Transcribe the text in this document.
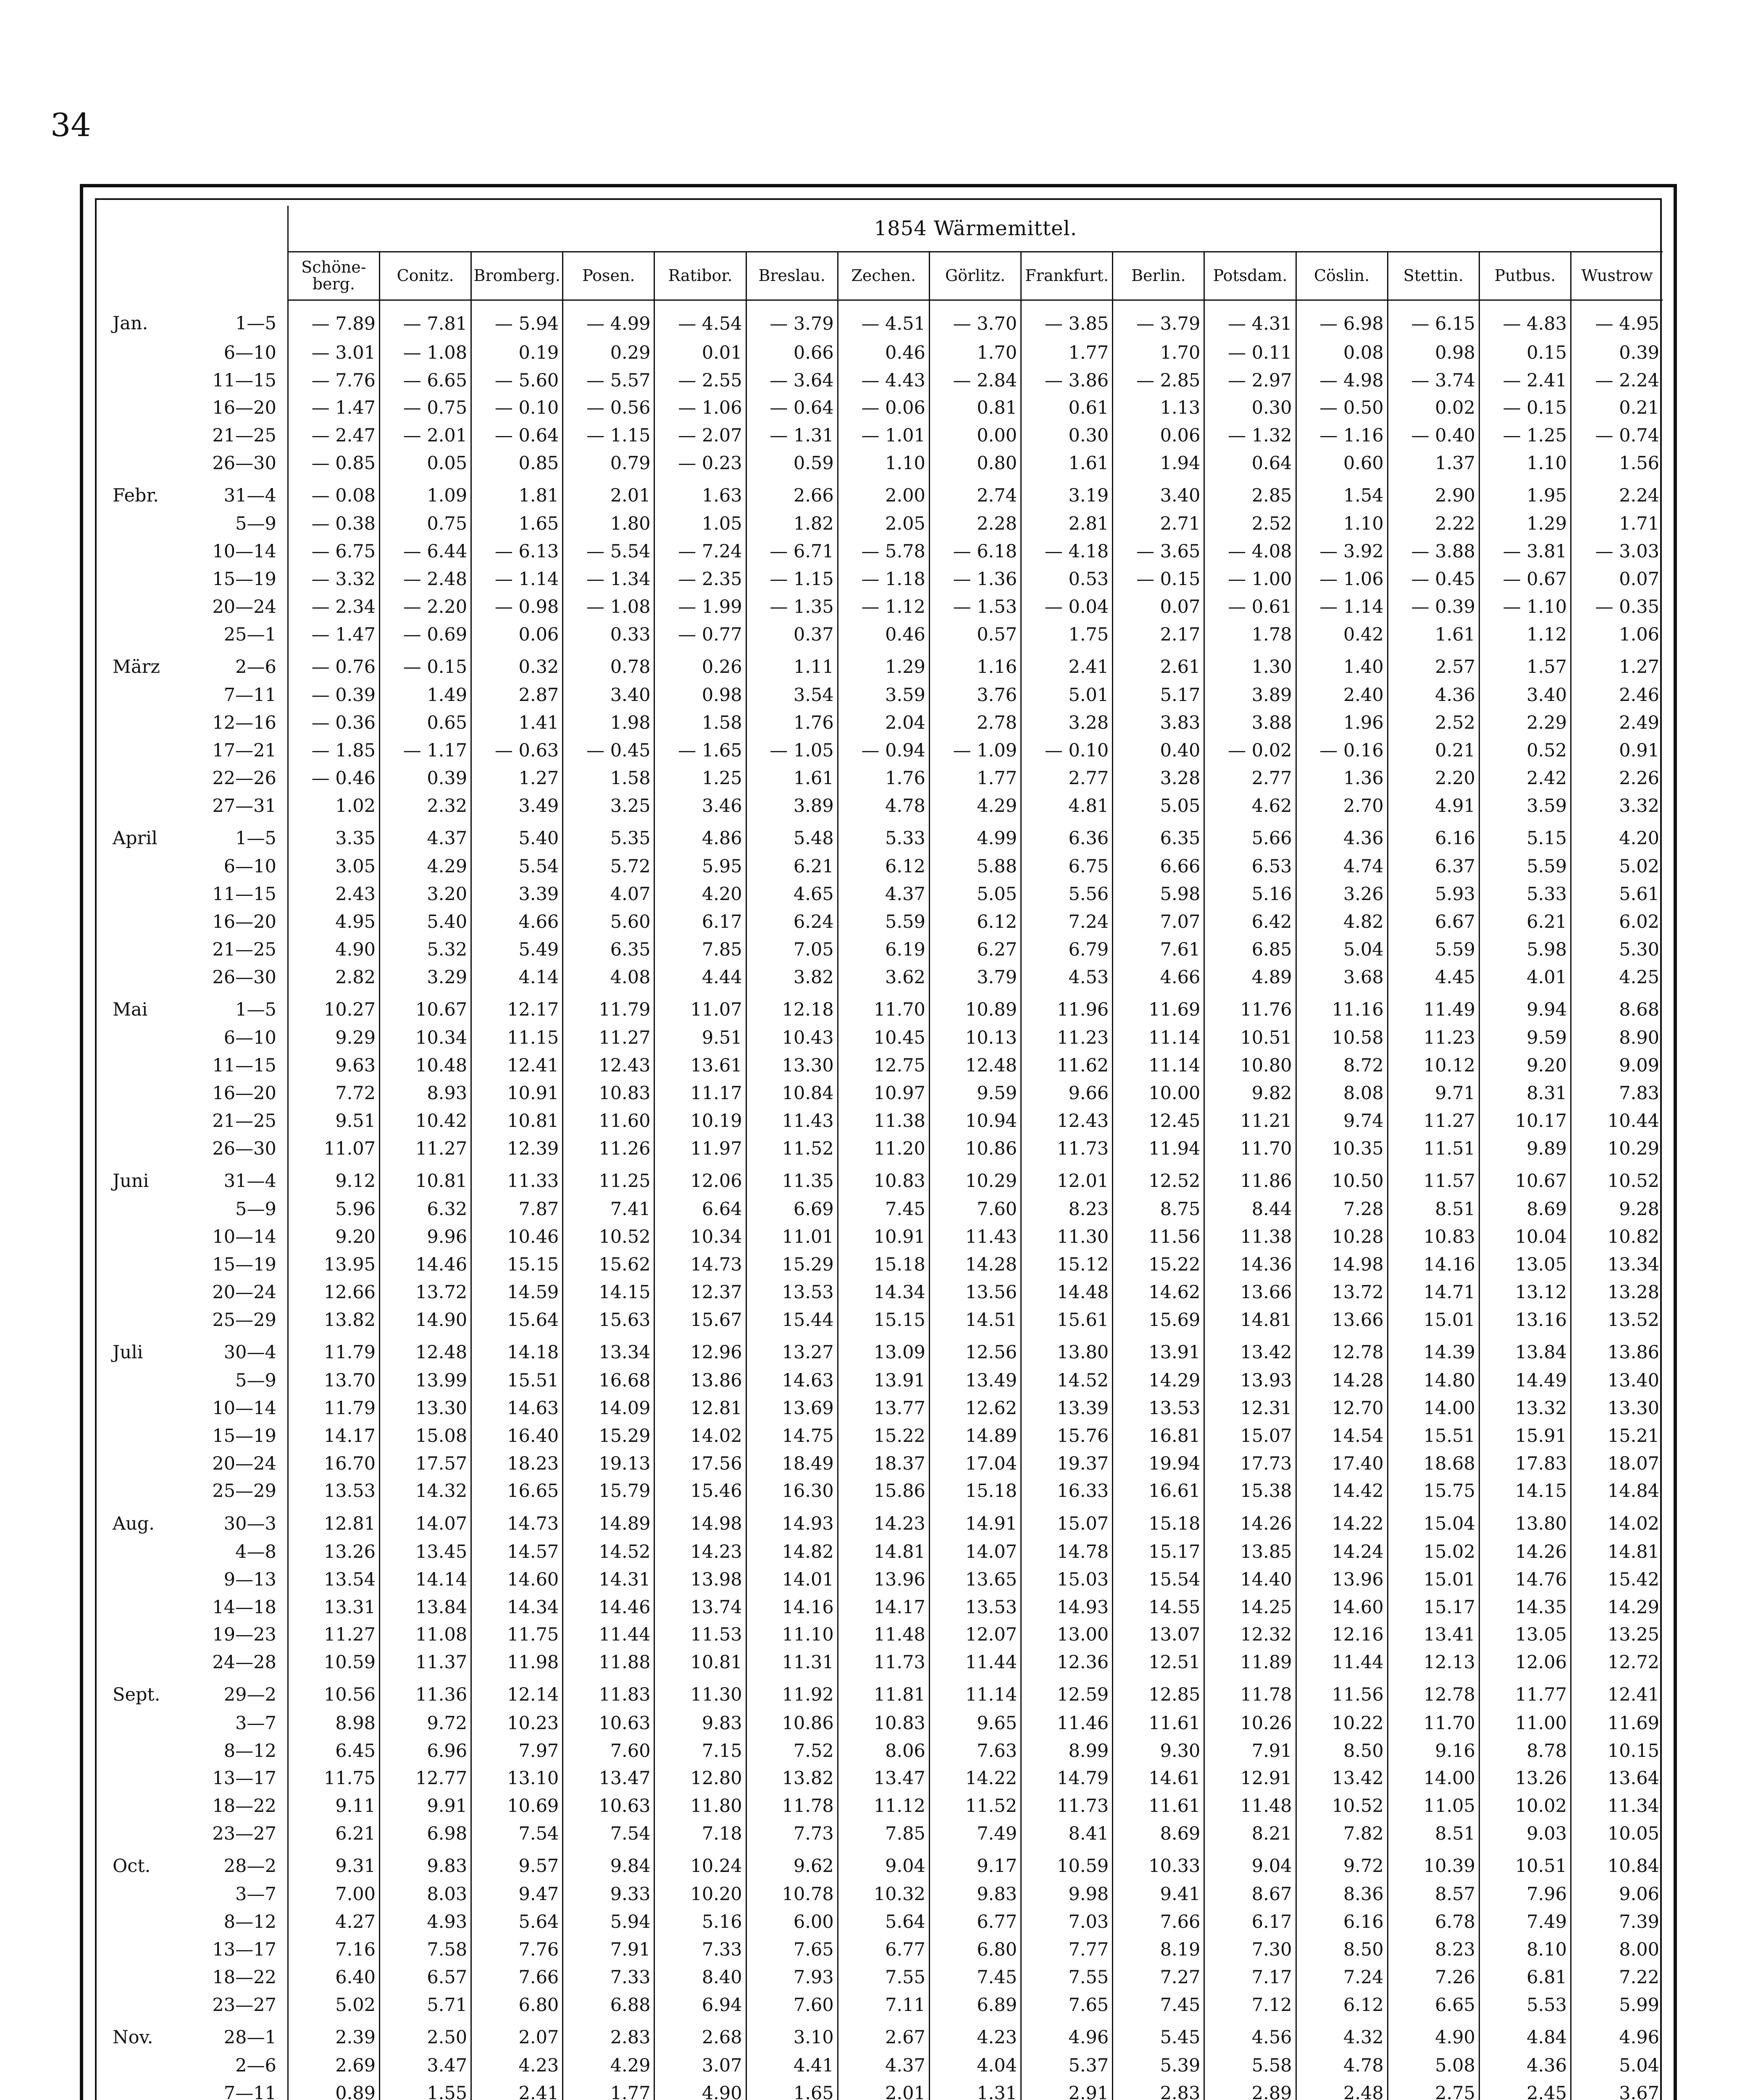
34
	1854 Wärmemittel.														
	Schöne-berg.	Conitz.	Bromberg.	Posen.	Ratibor.	Breslau.	Zechen.	Görlitz.	Frankfurt.	Berlin.	Potsdam.	Cöslin.	Stettin.	Putbus.	Wustrow

Jan. 1—5	— 7.89	— 7.81	— 5.94	— 4.99	— 4.54	— 3.79	— 4.51	— 3.70	— 3.85	— 3.79	— 4.31	— 6.98	— 6.15	— 4.83	— 4.95
6—10	— 3.01	— 1.08	0.19	0.29	0.01	0.66	0.46	1.70	1.77	1.70	— 0.11	0.08	0.98	0.15	0.39
11—15	— 7.76	— 6.65	— 5.60	— 5.57	— 2.55	— 3.64	— 4.43	— 2.84	— 3.86	— 2.85	— 2.97	— 4.98	— 3.74	— 2.41	— 2.24
16—20	— 1.47	— 0.75	— 0.10	— 0.56	— 1.06	— 0.64	— 0.06	0.81	0.61	1.13	0.30	— 0.50	0.02	— 0.15	0.21
21—25	— 2.47	— 2.01	— 0.64	— 1.15	— 2.07	— 1.31	— 1.01	0.00	0.30	0.06	— 1.32	— 1.16	— 0.40	— 1.25	— 0.74
26—30	— 0.85	0.05	0.85	0.79	— 0.23	0.59	1.10	0.80	1.61	1.94	0.64	0.60	1.37	1.10	1.56

Febr. 31—4	— 0.08	1.09	1.81	2.01	1.63	2.66	2.00	2.74	3.19	3.40	2.85	1.54	2.90	1.95	2.24
5—9	— 0.38	0.75	1.65	1.80	1.05	1.82	2.05	2.28	2.81	2.71	2.52	1.10	2.22	1.29	1.71
10—14	— 6.75	— 6.44	— 6.13	— 5.54	— 7.24	— 6.71	— 5.78	— 6.18	— 4.18	— 3.65	— 4.08	— 3.92	— 3.88	— 3.81	— 3.03
15—19	— 3.32	— 2.48	— 1.14	— 1.34	— 2.35	— 1.15	— 1.18	— 1.36	0.53	— 0.15	— 1.00	— 1.06	— 0.45	— 0.67	0.07
20—24	— 2.34	— 2.20	— 0.98	— 1.08	— 1.99	— 1.35	— 1.12	— 1.53	— 0.04	0.07	— 0.61	— 1.14	— 0.39	— 1.10	— 0.35
25—1	— 1.47	— 0.69	0.06	0.33	— 0.77	0.37	0.46	0.57	1.75	2.17	1.78	0.42	1.61	1.12	1.06

März 2—6	— 0.76	— 0.15	0.32	0.78	0.26	1.11	1.29	1.16	2.41	2.61	1.30	1.40	2.57	1.57	1.27
7—11	— 0.39	1.49	2.87	3.40	0.98	3.54	3.59	3.76	5.01	5.17	3.89	2.40	4.36	3.40	2.46
12—16	— 0.36	0.65	1.41	1.98	1.58	1.76	2.04	2.78	3.28	3.83	3.88	1.96	2.52	2.29	2.49
17—21	— 1.85	— 1.17	— 0.63	— 0.45	— 1.65	— 1.05	— 0.94	— 1.09	— 0.10	0.40	— 0.02	— 0.16	0.21	0.52	0.91
22—26	— 0.46	0.39	1.27	1.58	1.25	1.61	1.76	1.77	2.77	3.28	2.77	1.36	2.20	2.42	2.26
27—31	1.02	2.32	3.49	3.25	3.46	3.89	4.78	4.29	4.81	5.05	4.62	2.70	4.91	3.59	3.32

April 1—5	3.35	4.37	5.40	5.35	4.86	5.48	5.33	4.99	6.36	6.35	5.66	4.36	6.16	5.15	4.20
6—10	3.05	4.29	5.54	5.72	5.95	6.21	6.12	5.88	6.75	6.66	6.53	4.74	6.37	5.59	5.02
11—15	2.43	3.20	3.39	4.07	4.20	4.65	4.37	5.05	5.56	5.98	5.16	3.26	5.93	5.33	5.61
16—20	4.95	5.40	4.66	5.60	6.17	6.24	5.59	6.12	7.24	7.07	6.42	4.82	6.67	6.21	6.02
21—25	4.90	5.32	5.49	6.35	7.85	7.05	6.19	6.27	6.79	7.61	6.85	5.04	5.59	5.98	5.30
26—30	2.82	3.29	4.14	4.08	4.44	3.82	3.62	3.79	4.53	4.66	4.89	3.68	4.45	4.01	4.25

Mai 1—5	10.27	10.67	12.17	11.79	11.07	12.18	11.70	10.89	11.96	11.69	11.76	11.16	11.49	9.94	8.68
6—10	9.29	10.34	11.15	11.27	9.51	10.43	10.45	10.13	11.23	11.14	10.51	10.58	11.23	9.59	8.90
11—15	9.63	10.48	12.41	12.43	13.61	13.30	12.75	12.48	11.62	11.14	10.80	8.72	10.12	9.20	9.09
16—20	7.72	8.93	10.91	10.83	11.17	10.84	10.97	9.59	9.66	10.00	9.82	8.08	9.71	8.31	7.83
21—25	9.51	10.42	10.81	11.60	10.19	11.43	11.38	10.94	12.43	12.45	11.21	9.74	11.27	10.17	10.44
26—30	11.07	11.27	12.39	11.26	11.97	11.52	11.20	10.86	11.73	11.94	11.70	10.35	11.51	9.89	10.29

Juni 31—4	9.12	10.81	11.33	11.25	12.06	11.35	10.83	10.29	12.01	12.52	11.86	10.50	11.57	10.67	10.52
5—9	5.96	6.32	7.87	7.41	6.64	6.69	7.45	7.60	8.23	8.75	8.44	7.28	8.51	8.69	9.28
10—14	9.20	9.96	10.46	10.52	10.34	11.01	10.91	11.43	11.30	11.56	11.38	10.28	10.83	10.04	10.82
15—19	13.95	14.46	15.15	15.62	14.73	15.29	15.18	14.28	15.12	15.22	14.36	14.98	14.16	13.05	13.34
20—24	12.66	13.72	14.59	14.15	12.37	13.53	14.34	13.56	14.48	14.62	13.66	13.72	14.71	13.12	13.28
25—29	13.82	14.90	15.64	15.63	15.67	15.44	15.15	14.51	15.61	15.69	14.81	13.66	15.01	13.16	13.52

Juli 30—4	11.79	12.48	14.18	13.34	12.96	13.27	13.09	12.56	13.80	13.91	13.42	12.78	14.39	13.84	13.86
5—9	13.70	13.99	15.51	16.68	13.86	14.63	13.91	13.49	14.52	14.29	13.93	14.28	14.80	14.49	13.40
10—14	11.79	13.30	14.63	14.09	12.81	13.69	13.77	12.62	13.39	13.53	12.31	12.70	14.00	13.32	13.30
15—19	14.17	15.08	16.40	15.29	14.02	14.75	15.22	14.89	15.76	16.81	15.07	14.54	15.51	15.91	15.21
20—24	16.70	17.57	18.23	19.13	17.56	18.49	18.37	17.04	19.37	19.94	17.73	17.40	18.68	17.83	18.07
25—29	13.53	14.32	16.65	15.79	15.46	16.30	15.86	15.18	16.33	16.61	15.38	14.42	15.75	14.15	14.84

Aug. 30—3	12.81	14.07	14.73	14.89	14.98	14.93	14.23	14.91	15.07	15.18	14.26	14.22	15.04	13.80	14.02
4—8	13.26	13.45	14.57	14.52	14.23	14.82	14.81	14.07	14.78	15.17	13.85	14.24	15.02	14.26	14.81
9—13	13.54	14.14	14.60	14.31	13.98	14.01	13.96	13.65	15.03	15.54	14.40	13.96	15.01	14.76	15.42
14—18	13.31	13.84	14.34	14.46	13.74	14.16	14.17	13.53	14.93	14.55	14.25	14.60	15.17	14.35	14.29
19—23	11.27	11.08	11.75	11.44	11.53	11.10	11.48	12.07	13.00	13.07	12.32	12.16	13.41	13.05	13.25
24—28	10.59	11.37	11.98	11.88	10.81	11.31	11.73	11.44	12.36	12.51	11.89	11.44	12.13	12.06	12.72

Sept. 29—2	10.56	11.36	12.14	11.83	11.30	11.92	11.81	11.14	12.59	12.85	11.78	11.56	12.78	11.77	12.41
3—7	8.98	9.72	10.23	10.63	9.83	10.86	10.83	9.65	11.46	11.61	10.26	10.22	11.70	11.00	11.69
8—12	6.45	6.96	7.97	7.60	7.15	7.52	8.06	7.63	8.99	9.30	7.91	8.50	9.16	8.78	10.15
13—17	11.75	12.77	13.10	13.47	12.80	13.82	13.47	14.22	14.79	14.61	12.91	13.42	14.00	13.26	13.64
18—22	9.11	9.91	10.69	10.63	11.80	11.78	11.12	11.52	11.73	11.61	11.48	10.52	11.05	10.02	11.34
23—27	6.21	6.98	7.54	7.54	7.18	7.73	7.85	7.49	8.41	8.69	8.21	7.82	8.51	9.03	10.05

Oct. 28—2	9.31	9.83	9.57	9.84	10.24	9.62	9.04	9.17	10.59	10.33	9.04	9.72	10.39	10.51	10.84
3—7	7.00	8.03	9.47	9.33	10.20	10.78	10.32	9.83	9.98	9.41	8.67	8.36	8.57	7.96	9.06
8—12	4.27	4.93	5.64	5.94	5.16	6.00	5.64	6.77	7.03	7.66	6.17	6.16	6.78	7.49	7.39
13—17	7.16	7.58	7.76	7.91	7.33	7.65	6.77	6.80	7.77	8.19	7.30	8.50	8.23	8.10	8.00
18—22	6.40	6.57	7.66	7.33	8.40	7.93	7.55	7.45	7.55	7.27	7.17	7.24	7.26	6.81	7.22
23—27	5.02	5.71	6.80	6.88	6.94	7.60	7.11	6.89	7.65	7.45	7.12	6.12	6.65	5.53	5.99

Nov. 28—1	2.39	2.50	2.07	2.83	2.68	3.10	2.67	4.23	4.96	5.45	4.56	4.32	4.90	4.84	4.96
2—6	2.69	3.47	4.23	4.29	3.07	4.41	4.37	4.04	5.37	5.39	5.58	4.78	5.08	4.36	5.04
7—11	0.89	1.55	2.41	1.77	4.90	1.65	2.01	1.31	2.91	2.83	2.89	2.48	2.75	2.45	3.67
